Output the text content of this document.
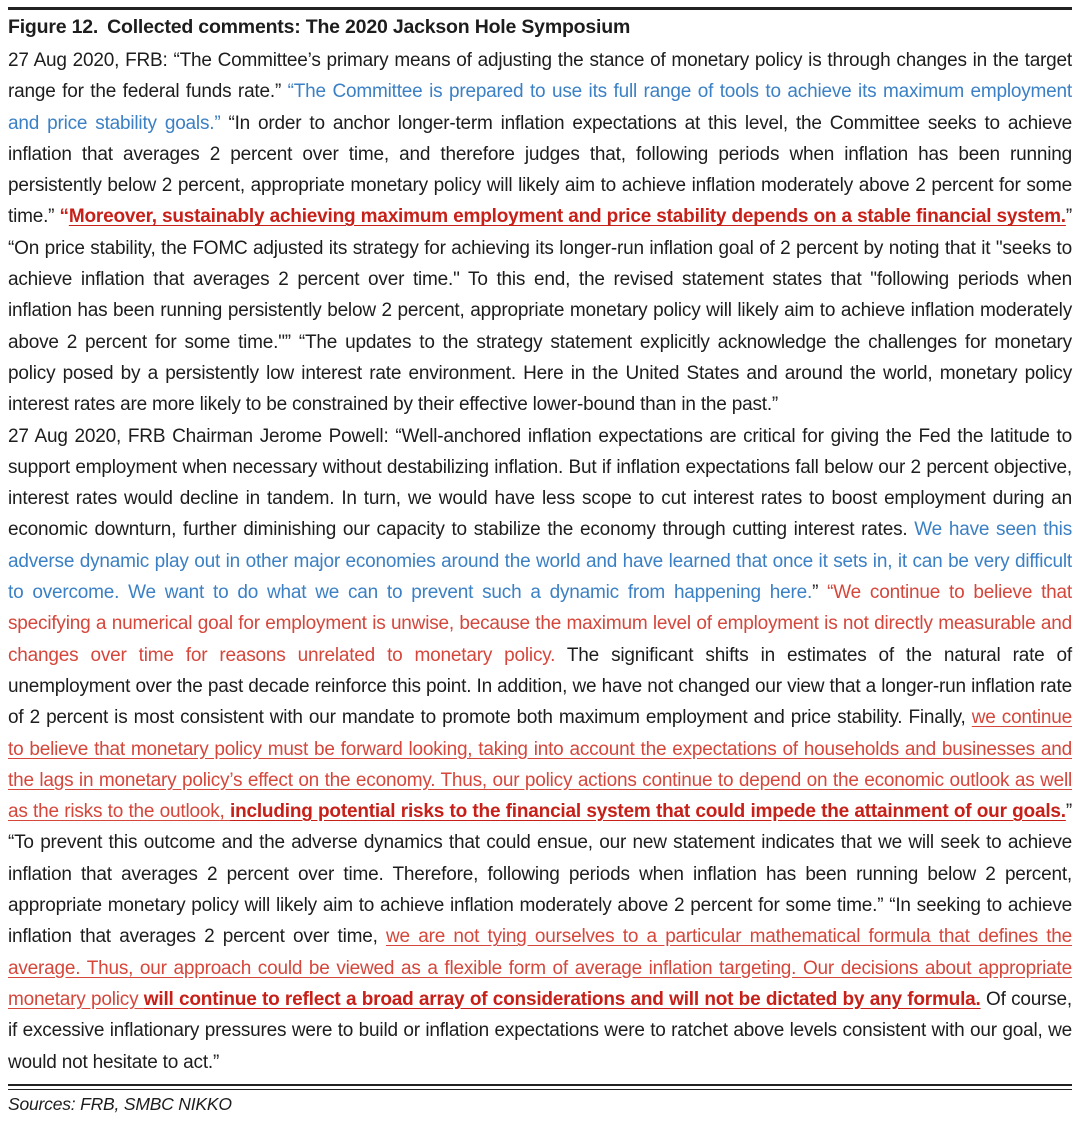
Figure 12. Collected comments: The 2020 Jackson Hole Symposium

27 Aug 2020, FRB: “The Committee’s primary means of adjusting the stance of monetary policy is through changes in the target range for the federal funds rate.” “The Committee is prepared to use its full range of tools to achieve its maximum employment and price stability goals.” “In order to anchor longer-term inflation expectations at this level, the Committee seeks to achieve inflation that averages 2 percent over time, and therefore judges that, following periods when inflation has been running persistently below 2 percent, appropriate monetary policy will likely aim to achieve inflation moderately above 2 percent for some time.” “Moreover, sustainably achieving maximum employment and price stability depends on a stable financial system.” “On price stability, the FOMC adjusted its strategy for achieving its longer-run inflation goal of 2 percent by noting that it "seeks to achieve inflation that averages 2 percent over time." To this end, the revised statement states that "following periods when inflation has been running persistently below 2 percent, appropriate monetary policy will likely aim to achieve inflation moderately above 2 percent for some time."” “The updates to the strategy statement explicitly acknowledge the challenges for monetary policy posed by a persistently low interest rate environment. Here in the United States and around the world, monetary policy interest rates are more likely to be constrained by their effective lower-bound than in the past.”

27 Aug 2020, FRB Chairman Jerome Powell: “Well-anchored inflation expectations are critical for giving the Fed the latitude to support employment when necessary without destabilizing inflation. But if inflation expectations fall below our 2 percent objective, interest rates would decline in tandem. In turn, we would have less scope to cut interest rates to boost employment during an economic downturn, further diminishing our capacity to stabilize the economy through cutting interest rates. We have seen this adverse dynamic play out in other major economies around the world and have learned that once it sets in, it can be very difficult to overcome. We want to do what we can to prevent such a dynamic from happening here.” “We continue to believe that specifying a numerical goal for employment is unwise, because the maximum level of employment is not directly measurable and changes over time for reasons unrelated to monetary policy. The significant shifts in estimates of the natural rate of unemployment over the past decade reinforce this point. In addition, we have not changed our view that a longer-run inflation rate of 2 percent is most consistent with our mandate to promote both maximum employment and price stability. Finally, we continue to believe that monetary policy must be forward looking, taking into account the expectations of households and businesses and the lags in monetary policy’s effect on the economy. Thus, our policy actions continue to depend on the economic outlook as well as the risks to the outlook, including potential risks to the financial system that could impede the attainment of our goals.” “To prevent this outcome and the adverse dynamics that could ensue, our new statement indicates that we will seek to achieve inflation that averages 2 percent over time. Therefore, following periods when inflation has been running below 2 percent, appropriate monetary policy will likely aim to achieve inflation moderately above 2 percent for some time.” “In seeking to achieve inflation that averages 2 percent over time, we are not tying ourselves to a particular mathematical formula that defines the average. Thus, our approach could be viewed as a flexible form of average inflation targeting. Our decisions about appropriate monetary policy will continue to reflect a broad array of considerations and will not be dictated by any formula. Of course, if excessive inflationary pressures were to build or inflation expectations were to ratchet above levels consistent with our goal, we would not hesitate to act.”

Sources: FRB, SMBC NIKKO
